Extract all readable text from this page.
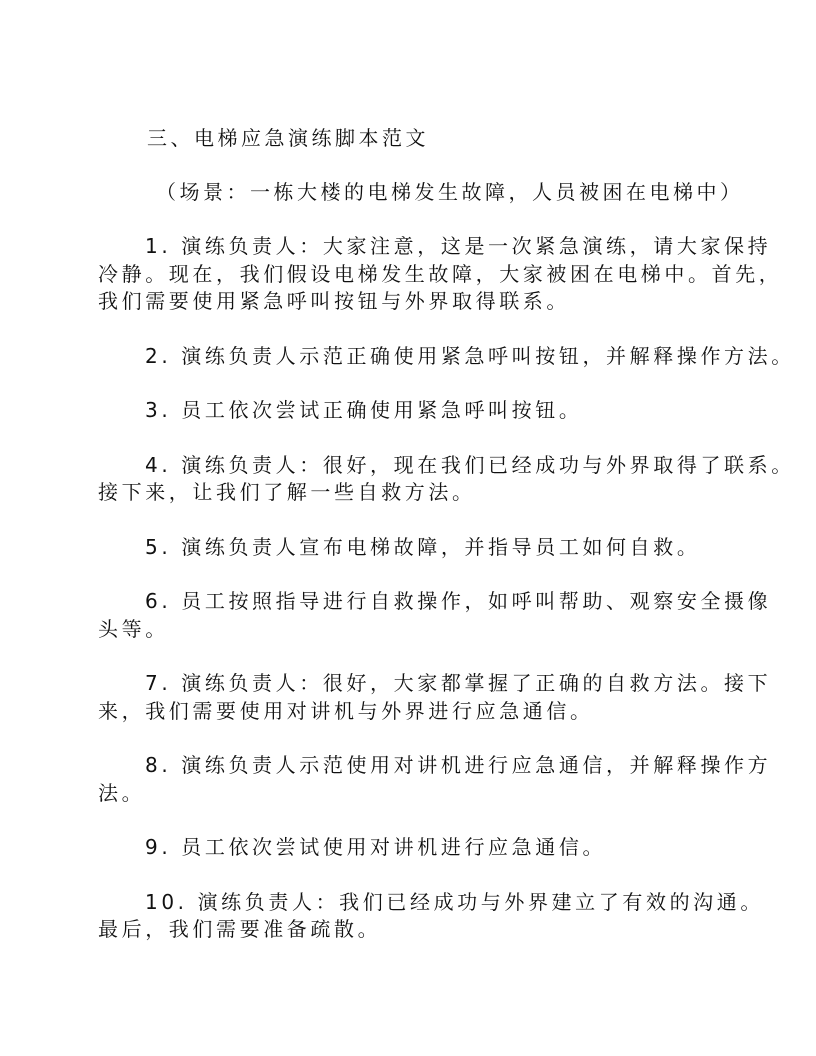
三、电梯应急演练脚本范文
（场景：一栋大楼的电梯发生故障，人员被困在电梯中）

1. 演练负责人：大家注意，这是一次紧急演练，请大家保持
冷静。现在，我们假设电梯发生故障，大家被困在电梯中。首先，
我们需要使用紧急呼叫按钮与外界取得联系。

2. 演练负责人示范正确使用紧急呼叫按钮，并解释操作方法。

3. 员工依次尝试正确使用紧急呼叫按钮。

4. 演练负责人：很好，现在我们已经成功与外界取得了联系。
接下来，让我们了解一些自救方法。

5. 演练负责人宣布电梯故障，并指导员工如何自救。

6. 员工按照指导进行自救操作，如呼叫帮助、观察安全摄像
头等。

7. 演练负责人：很好，大家都掌握了正确的自救方法。接下
来，我们需要使用对讲机与外界进行应急通信。

8. 演练负责人示范使用对讲机进行应急通信，并解释操作方
法。

9. 员工依次尝试使用对讲机进行应急通信。

10. 演练负责人：我们已经成功与外界建立了有效的沟通。
最后，我们需要准备疏散。
